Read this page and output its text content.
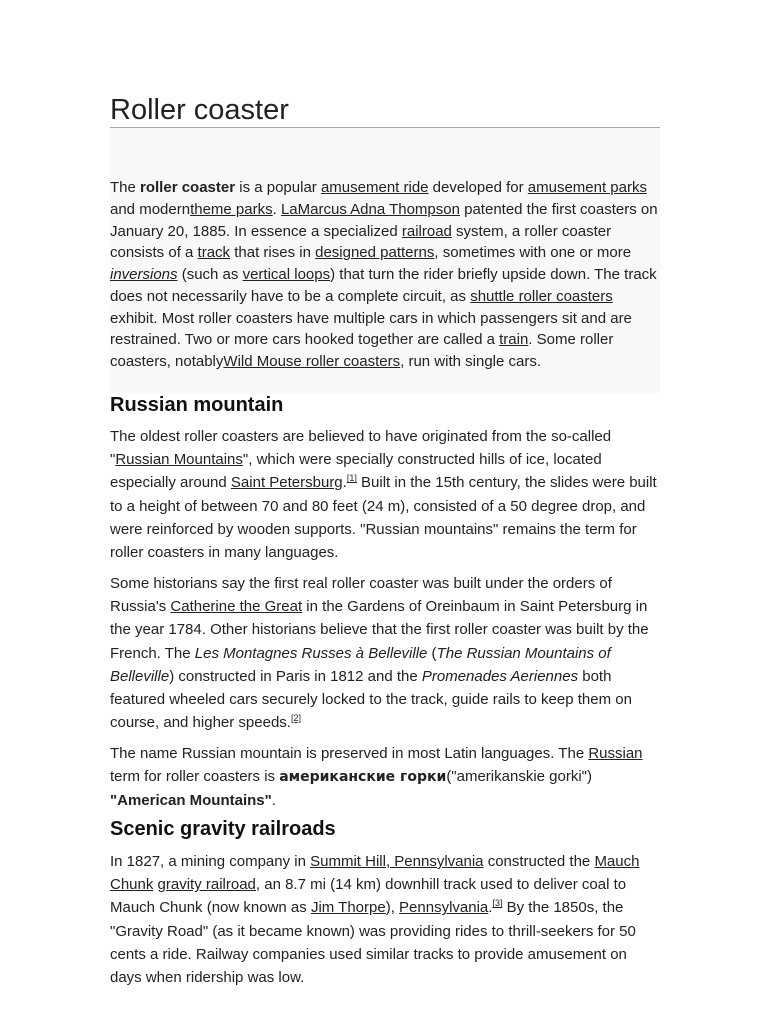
Roller coaster

The roller coaster is a popular amusement ride developed for amusement parks and moderntheme parks. LaMarcus Adna Thompson patented the first coasters on January 20, 1885. In essence a specialized railroad system, a roller coaster consists of a track that rises in designed patterns, sometimes with one or more inversions (such as vertical loops) that turn the rider briefly upside down. The track does not necessarily have to be a complete circuit, as shuttle roller coasters exhibit. Most roller coasters have multiple cars in which passengers sit and are restrained. Two or more cars hooked together are called a train. Some roller coasters, notablyWild Mouse roller coasters, run with single cars.

Russian mountain

The oldest roller coasters are believed to have originated from the so-called "Russian Mountains", which were specially constructed hills of ice, located especially around Saint Petersburg.[1] Built in the 15th century, the slides were built to a height of between 70 and 80 feet (24 m), consisted of a 50 degree drop, and were reinforced by wooden supports. "Russian mountains" remains the term for roller coasters in many languages.

Some historians say the first real roller coaster was built under the orders of Russia's Catherine the Great in the Gardens of Oreinbaum in Saint Petersburg in the year 1784. Other historians believe that the first roller coaster was built by the French. The Les Montagnes Russes à Belleville (The Russian Mountains of Belleville) constructed in Paris in 1812 and the Promenades Aeriennes both featured wheeled cars securely locked to the track, guide rails to keep them on course, and higher speeds.[2]

The name Russian mountain is preserved in most Latin languages. The Russian term for roller coasters is американские горки("amerikanskie gorki") "American Mountains".

Scenic gravity railroads

In 1827, a mining company in Summit Hill, Pennsylvania constructed the Mauch Chunk gravity railroad, an 8.7 mi (14 km) downhill track used to deliver coal to Mauch Chunk (now known as Jim Thorpe), Pennsylvania.[3] By the 1850s, the "Gravity Road" (as it became known) was providing rides to thrill-seekers for 50 cents a ride. Railway companies used similar tracks to provide amusement on days when ridership was low.
